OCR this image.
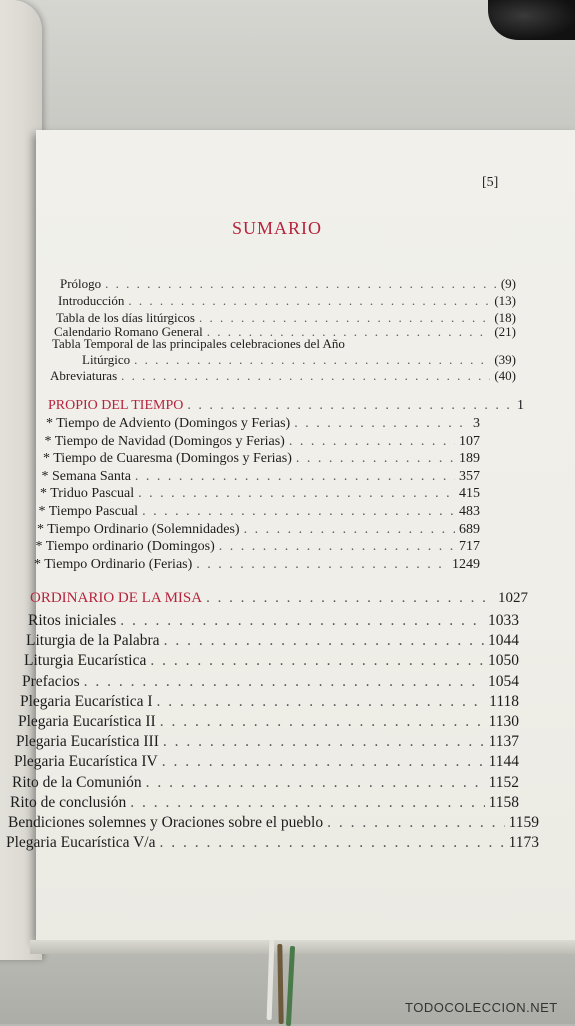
[5]
SUMARIO
Prólogo . . .	(9)
Introducción . . .	(13)
Tabla de los días litúrgicos . . .	(18)
Calendario Romano General . . .	(21)
Tabla Temporal de las principales celebraciones del Año
Litúrgico . . .	(39)
Abreviaturas . . .	(40)
PROPIO DEL TIEMPO . . .	1
* Tiempo de Adviento (Domingos y Ferias) . . .	3
* Tiempo de Navidad (Domingos y Ferias) . . .	107
* Tiempo de Cuaresma (Domingos y Ferias) . . .	189
* Semana Santa . . .	357
* Triduo Pascual . . .	415
* Tiempo Pascual . . .	483
* Tiempo Ordinario (Solemnidades) . . .	689
* Tiempo ordinario (Domingos) . . .	717
* Tiempo Ordinario (Ferias) . . .	1249
ORDINARIO DE LA MISA . . .	1027
Ritos iniciales . . .	1033
Liturgia de la Palabra . . .	1044
Liturgia Eucarística . . .	1050
Prefacios . . .	1054
Plegaria Eucarística I . . .	1118
Plegaria Eucarística II . . .	1130
Plegaria Eucarística III . . .	1137
Plegaria Eucarística IV . . .	1144
Rito de la Comunión . . .	1152
Rito de conclusión . . .	1158
Bendiciones solemnes y Oraciones sobre el pueblo . . .	1159
Plegaria Eucarística V/a . . .	1173
TODOCOLECCION.NET
